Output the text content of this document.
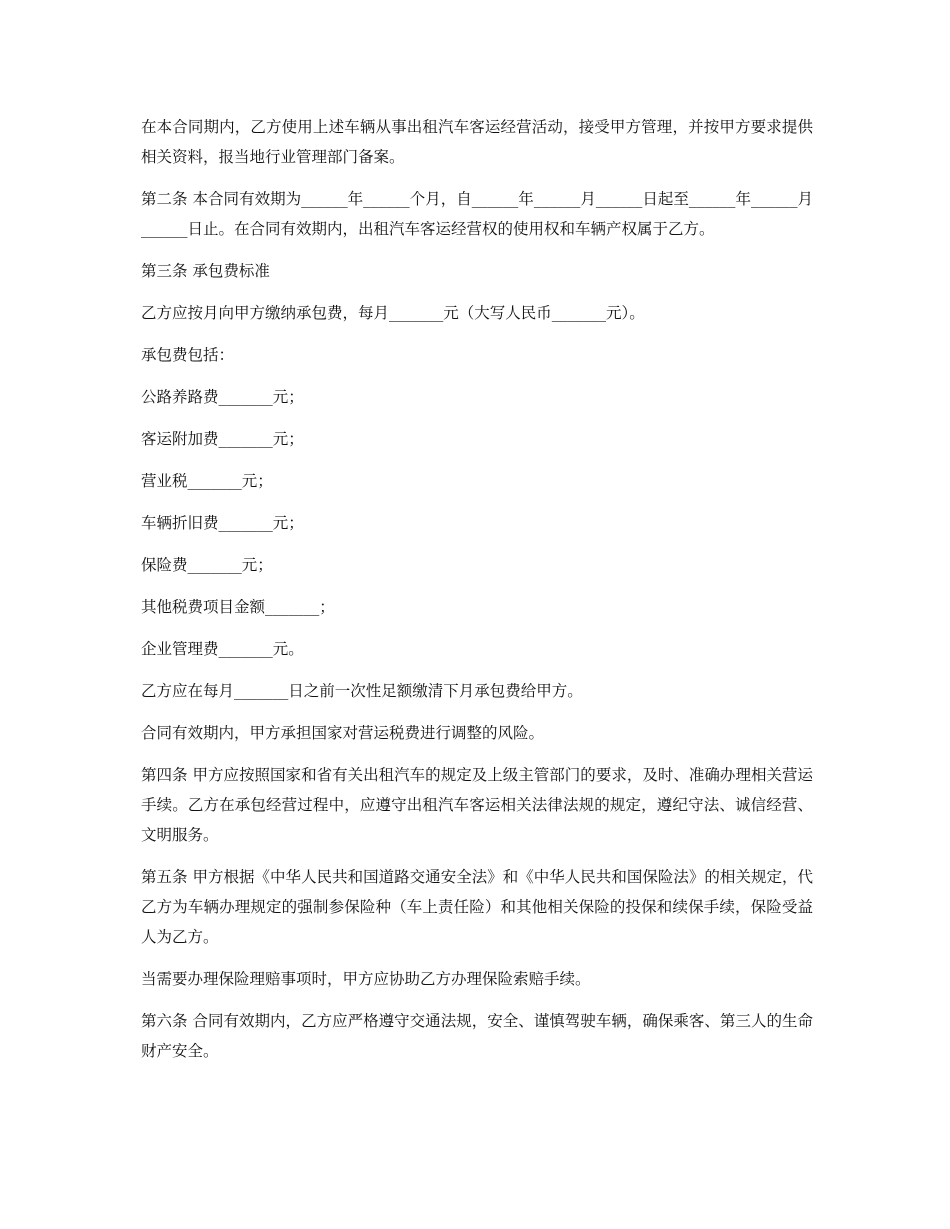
在本合同期内，乙方使用上述车辆从事出租汽车客运经营活动，接受甲方管理，并按甲方要求提供相关资料，报当地行业管理部门备案。

第二条 本合同有效期为______年______个月，自______年______月______日起至______年______月______日止。在合同有效期内，出租汽车客运经营权的使用权和车辆产权属于乙方。

第三条 承包费标准

乙方应按月向甲方缴纳承包费，每月_______元（大写人民币_______元）。

承包费包括：

公路养路费_______元；

客运附加费_______元；

营业税_______元；

车辆折旧费_______元；

保险费_______元；

其他税费项目金额_______；

企业管理费_______元。

乙方应在每月_______日之前一次性足额缴清下月承包费给甲方。

合同有效期内，甲方承担国家对营运税费进行调整的风险。

第四条 甲方应按照国家和省有关出租汽车的规定及上级主管部门的要求，及时、准确办理相关营运手续。乙方在承包经营过程中，应遵守出租汽车客运相关法律法规的规定，遵纪守法、诚信经营、文明服务。

第五条 甲方根据《中华人民共和国道路交通安全法》和《中华人民共和国保险法》的相关规定，代乙方为车辆办理规定的强制参保险种（车上责任险）和其他相关保险的投保和续保手续，保险受益人为乙方。

当需要办理保险理赔事项时，甲方应协助乙方办理保险索赔手续。

第六条 合同有效期内，乙方应严格遵守交通法规，安全、谨慎驾驶车辆，确保乘客、第三人的生命财产安全。
